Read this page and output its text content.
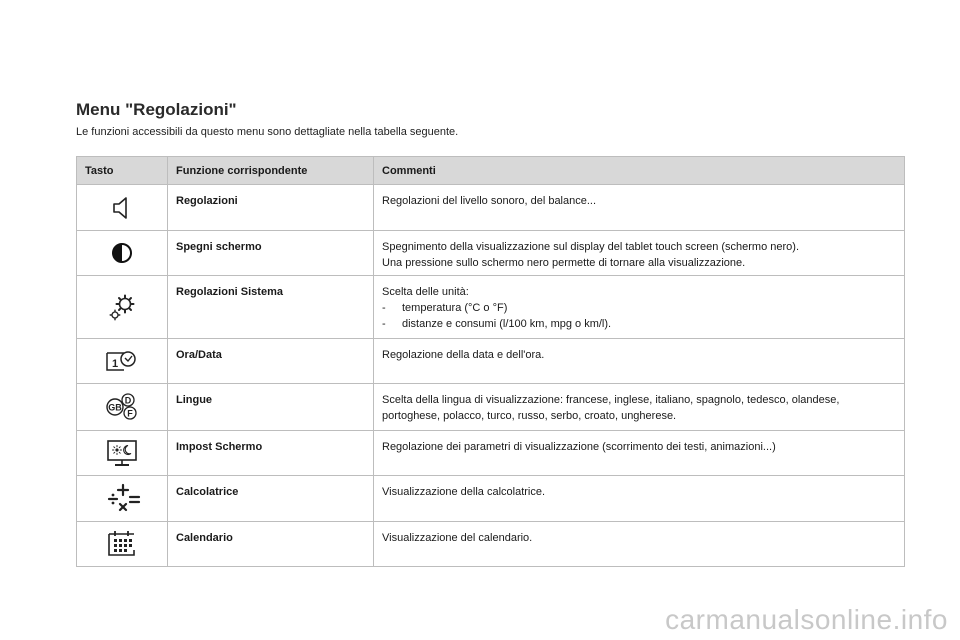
Menu "Regolazioni"

Le funzioni accessibili da questo menu sono dettagliate nella tabella seguente.

Tasto	Funzione corrispondente	Commenti

	Regolazioni	Regolazioni del livello sonoro, del balance...

	Spegni schermo	Spegnimento della visualizzazione sul display del tablet touch screen (schermo nero).
Una pressione sullo schermo nero permette di tornare alla visualizzazione.

	Regolazioni Sistema	Scelta delle unità:
- temperatura (°C o °F)
- distanze e consumi (l/100 km, mpg o km/l).

1	Ora/Data	Regolazione della data e dell'ora.

D
F
GB	Lingue	Scelta della lingua di visualizzazione: francese, inglese, italiano, spagnolo, tedesco, olandese,
portoghese, polacco, turco, russo, serbo, croato, ungherese.

	Impost Schermo	Regolazione dei parametri di visualizzazione (scorrimento dei testi, animazioni...)

	Calcolatrice	Visualizzazione della calcolatrice.

	Calendario	Visualizzazione del calendario.
carmanualsonline.info
